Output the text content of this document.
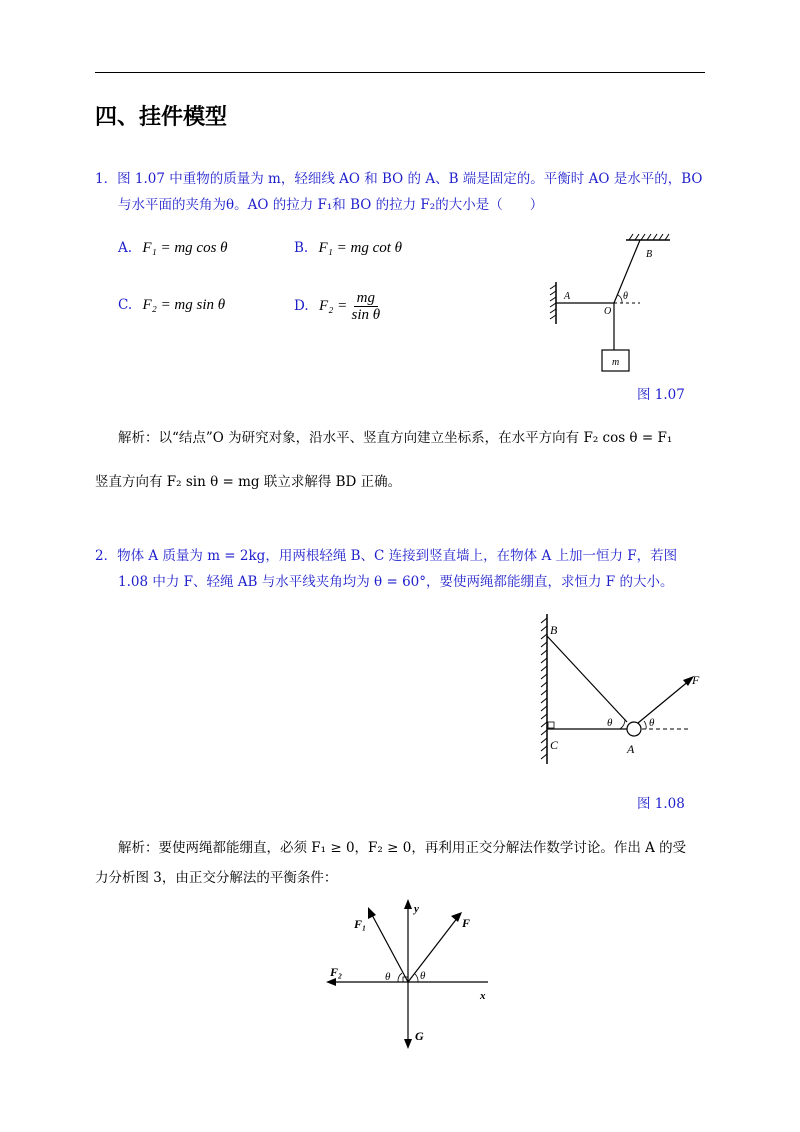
四、挂件模型
1．图 1.07 中重物的质量为 m，轻细线 AO 和 BO 的 A、B 端是固定的。平衡时 AO 是水平的，BO
与水平面的夹角为θ。AO 的拉力 F₁和 BO 的拉力 F₂的大小是（　　）
A. F₁ = mg cos θ	B. F₁ = mg cot θ
C. F₂ = mg sin θ	D. $F_2 = \frac{mg}{\text{sin θ}}$
B
A
O
θ
m
图 1.07
解析：以“结点”O 为研究对象，沿水平、竖直方向建立坐标系，在水平方向有 F₂ cos θ = F₁
竖直方向有 F₂ sin θ = mg 联立求解得 BD 正确。
2．物体 A 质量为 m = 2kg，用两根轻绳 B、C 连接到竖直墙上，在物体 A 上加一恒力 F，若图
1.08 中力 F、轻绳 AB 与水平线夹角均为 θ = 60°，要使两绳都能绷直，求恒力 F 的大小。
B
C	A
F
θ	θ
图 1.08
解析：要使两绳都能绷直，必须 F₁ ≥ 0，F₂ ≥ 0，再利用正交分解法作数学讨论。作出 A 的受
力分析图 3，由正交分解法的平衡条件：
F₁	F
F₂
G
x
y
θ	θ
